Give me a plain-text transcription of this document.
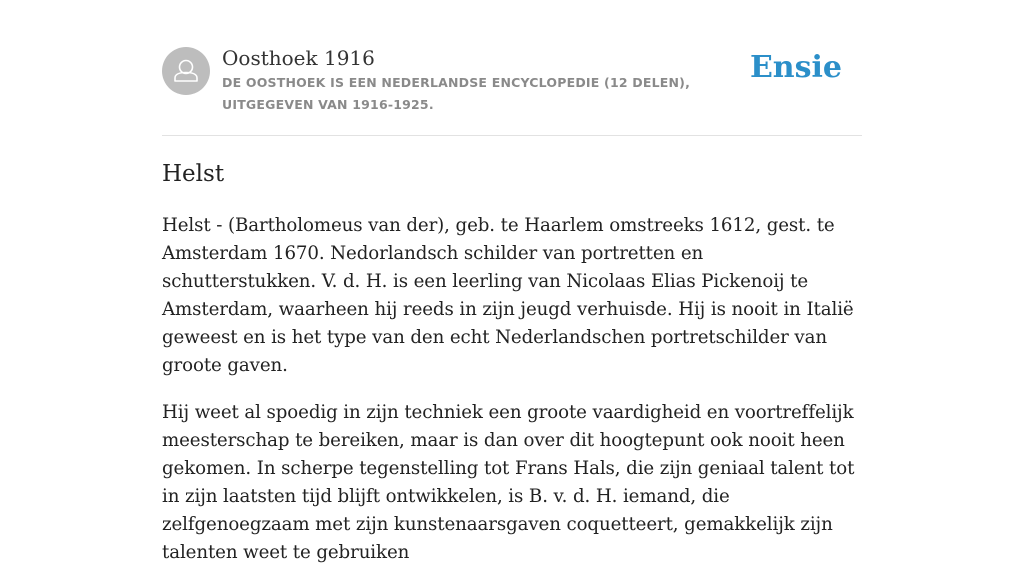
Oosthoek 1916
DE OOSTHOEK IS EEN NEDERLANDSE ENCYCLOPEDIE (12 DELEN), UITGEGEVEN VAN 1916-1925.
Ensie
Helst

Helst - (Bartholomeus van der), geb. te Haarlem omstreeks 1612, gest. te Amsterdam 1670. Nedorlandsch schilder van portretten en schutterstukken. V. d. H. is een leerling van Nicolaas Elias Pickenoij te Amsterdam, waarheen hij reeds in zijn jeugd verhuisde. Hij is nooit in Italië geweest en is het type van den echt Nederlandschen portretschilder van groote gaven.

Hij weet al spoedig in zijn techniek een groote vaardigheid en voortreffelijk meesterschap te bereiken, maar is dan over dit hoogtepunt ook nooit heen gekomen. In scherpe tegenstelling tot Frans Hals, die zijn geniaal talent tot in zijn laatsten tijd blijft ontwikkelen, is B. v. d. H. iemand, die zelfgenoegzaam met zijn kunstenaarsgaven coquetteert, gemakkelijk zijn talenten weet te gebruiken
